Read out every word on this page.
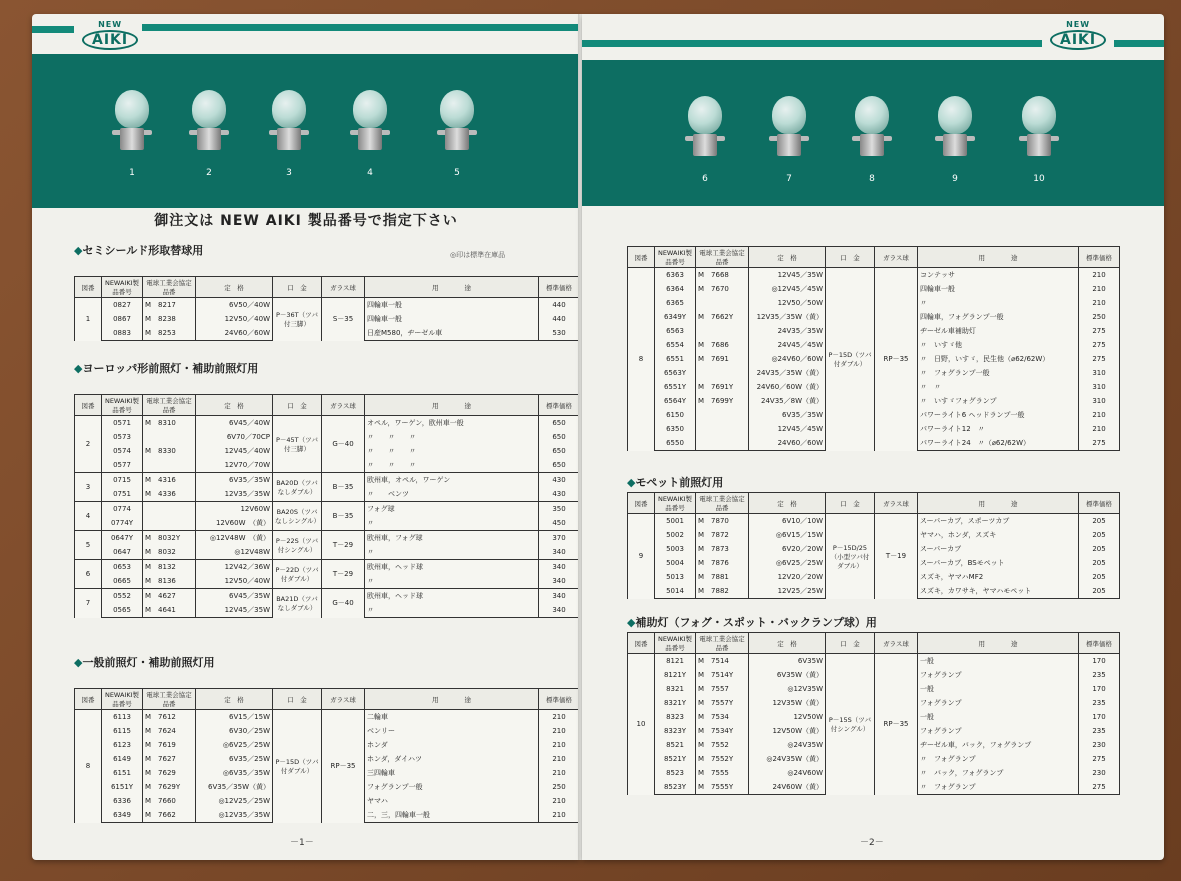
NEW
AIKI
1	2	3	4	5
御注文は NEW AIKI 製品番号で指定下さい
◎印は標準在庫品
◆セミシールド形取替球用
図番	NEWAIKI製品番号	電球工業会協定品番	定　格	口　金	ガラス球	用　　　　途	標準価格
1	0827	M　8217	6V50／40W	P－36T（ツバ付三脚）	S－35	四輪車一般	440
	0867	M　8238	12V50／40W			四輪車一般	440
	0883	M　8253	24V60／60W			日産M580，ヂーゼル車	530
◆ヨーロッパ形前照灯・補助前照灯用
図番	NEWAIKI製品番号	電球工業会協定品番	定　格	口　金	ガラス球	用　　　　途	標準価格
2	0571	M　8310	6V45／40W	P－45T（ツバ付三脚）	G－40	オペル，ワーゲン，欧州車一般	650
	0573		6V70／70CP			〃　　〃　　〃	650
	0574	M　8330	12V45／40W			〃　　〃　　〃	650
	0577		12V70／70W			〃　　〃　　〃	650
3	0715	M　4316	6V35／35W	BA20D（ツバなしダブル）	B－35	欧州車，オペル，ワーゲン	430
	0751	M　4336	12V35／35W			〃　　ベンツ	430
4	0774		12V60W	BA20S（ツバなしシングル）	B－35	フォグ球	350
	0774Y		12V60W　（黄）			〃	450
5	0647Y	M　8032Y	◎12V48W　（黄）	P－22S（ツバ付シングル）	T－29	欧州車，フォグ球	370
	0647	M　8032	◎12V48W			〃	340
6	0653	M　8132	12V42／36W	P－22D（ツバ付ダブル）	T－29	欧州車，ヘッド球	340
	0665	M　8136	12V50／40W			〃	340
7	0552	M　4627	6V45／35W	BA21D（ツバなしダブル）	G－40	欧州車，ヘッド球	340
	0565	M　4641	12V45／35W			〃	340
◆一般前照灯・補助前照灯用
図番	NEWAIKI製品番号	電球工業会協定品番	定　格	口　金	ガラス球	用　　　　途	標準価格
8	6113	M　7612	6V15／15W	P－15D（ツバ付ダブル）	RP－35	二輪車	210
	6115	M　7624	6V30／25W			ベンリー	210
	6123	M　7619	◎6V25／25W			ホンダ	210
	6149	M　7627	6V35／25W			ホンダ，ダイハツ	210
	6151	M　7629	◎6V35／35W			三四輪車	210
	6151Y	M　7629Y	6V35／35W（黄）			フォグランプ一般	250
	6336	M　7660	◎12V25／25W			ヤマハ	210
	6349	M　7662	◎12V35／35W			二，三，四輪車一般	210
－1－
NEW
AIKI
6	7	8	9	10
図番	NEWAIKI製品番号	電球工業会協定品番	定　格	口　金	ガラス球	用　　　　途	標準価格
8	6363	M　7668	12V45／35W	P－15D（ツバ付ダブル）	RP－35	コンテッサ	210
	6364	M　7670	◎12V45／45W			四輪車一般	210
	6365		12V50／50W			〃	210
	6349Y	M　7662Y	12V35／35W（黄）			四輪車，フォグランプ一般	250
	6563		24V35／35W			ヂーゼル車補助灯	275
	6554	M　7686	24V45／45W			〃　いすゞ他	275
	6551	M　7691	◎24V60／60W			〃　日野，いすゞ，民生他（⌀62/62W）	275
	6563Y		24V35／35W（黄）			〃　フォグランプ一般	310
	6551Y	M　7691Y	24V60／60W（黄）			〃　〃	310
	6564Y	M　7699Y	24V35／8W（黄）			〃　いすゞフォグランプ	310
	6150		6V35／35W			パワーライト6 ヘッドランプ一般	210
	6350		12V45／45W			パワーライト12　〃	210
	6550		24V60／60W			パワーライト24　〃（⌀62/62W）	275
◆モペット前照灯用
図番	NEWAIKI製品番号	電球工業会協定品番	定　格	口　金	ガラス球	用　　　　途	標準価格
9	5001	M　7870	6V10／10W	P－15D/25（小型ツバ付ダブル）	T－19	スーパーカブ，スポーツカブ	205
	5002	M　7872	◎6V15／15W			ヤマハ，ホンダ，スズキ	205
	5003	M　7873	6V20／20W			スーパーカブ	205
	5004	M　7876	◎6V25／25W			スーパーカブ，BSモペット	205
	5013	M　7881	12V20／20W			スズキ，ヤマハMF2	205
	5014	M　7882	12V25／25W			スズキ，カワサキ，ヤマハモペット	205
◆補助灯（フォグ・スポット・バックランプ球）用
図番	NEWAIKI製品番号	電球工業会協定品番	定　格	口　金	ガラス球	用　　　　途	標準価格
10	8121	M　7514	6V35W	P－15S（ツバ付シングル）	RP－35	一般	170
	8121Y	M　7514Y	6V35W（黄）			フォグランプ	235
	8321	M　7557	◎12V35W			一般	170
	8321Y	M　7557Y	12V35W（黄）			フォグランプ	235
	8323	M　7534	12V50W			一般	170
	8323Y	M　7534Y	12V50W（黄）			フォグランプ	235
	8521	M　7552	◎24V35W			ヂーゼル車，バック，フォグランプ	230
	8521Y	M　7552Y	◎24V35W（黄）			〃　フォグランプ	275
	8523	M　7555	◎24V60W			〃　バック，フォグランプ	230
	8523Y	M　7555Y	24V60W（黄）			〃　フォグランプ	275
－2－
